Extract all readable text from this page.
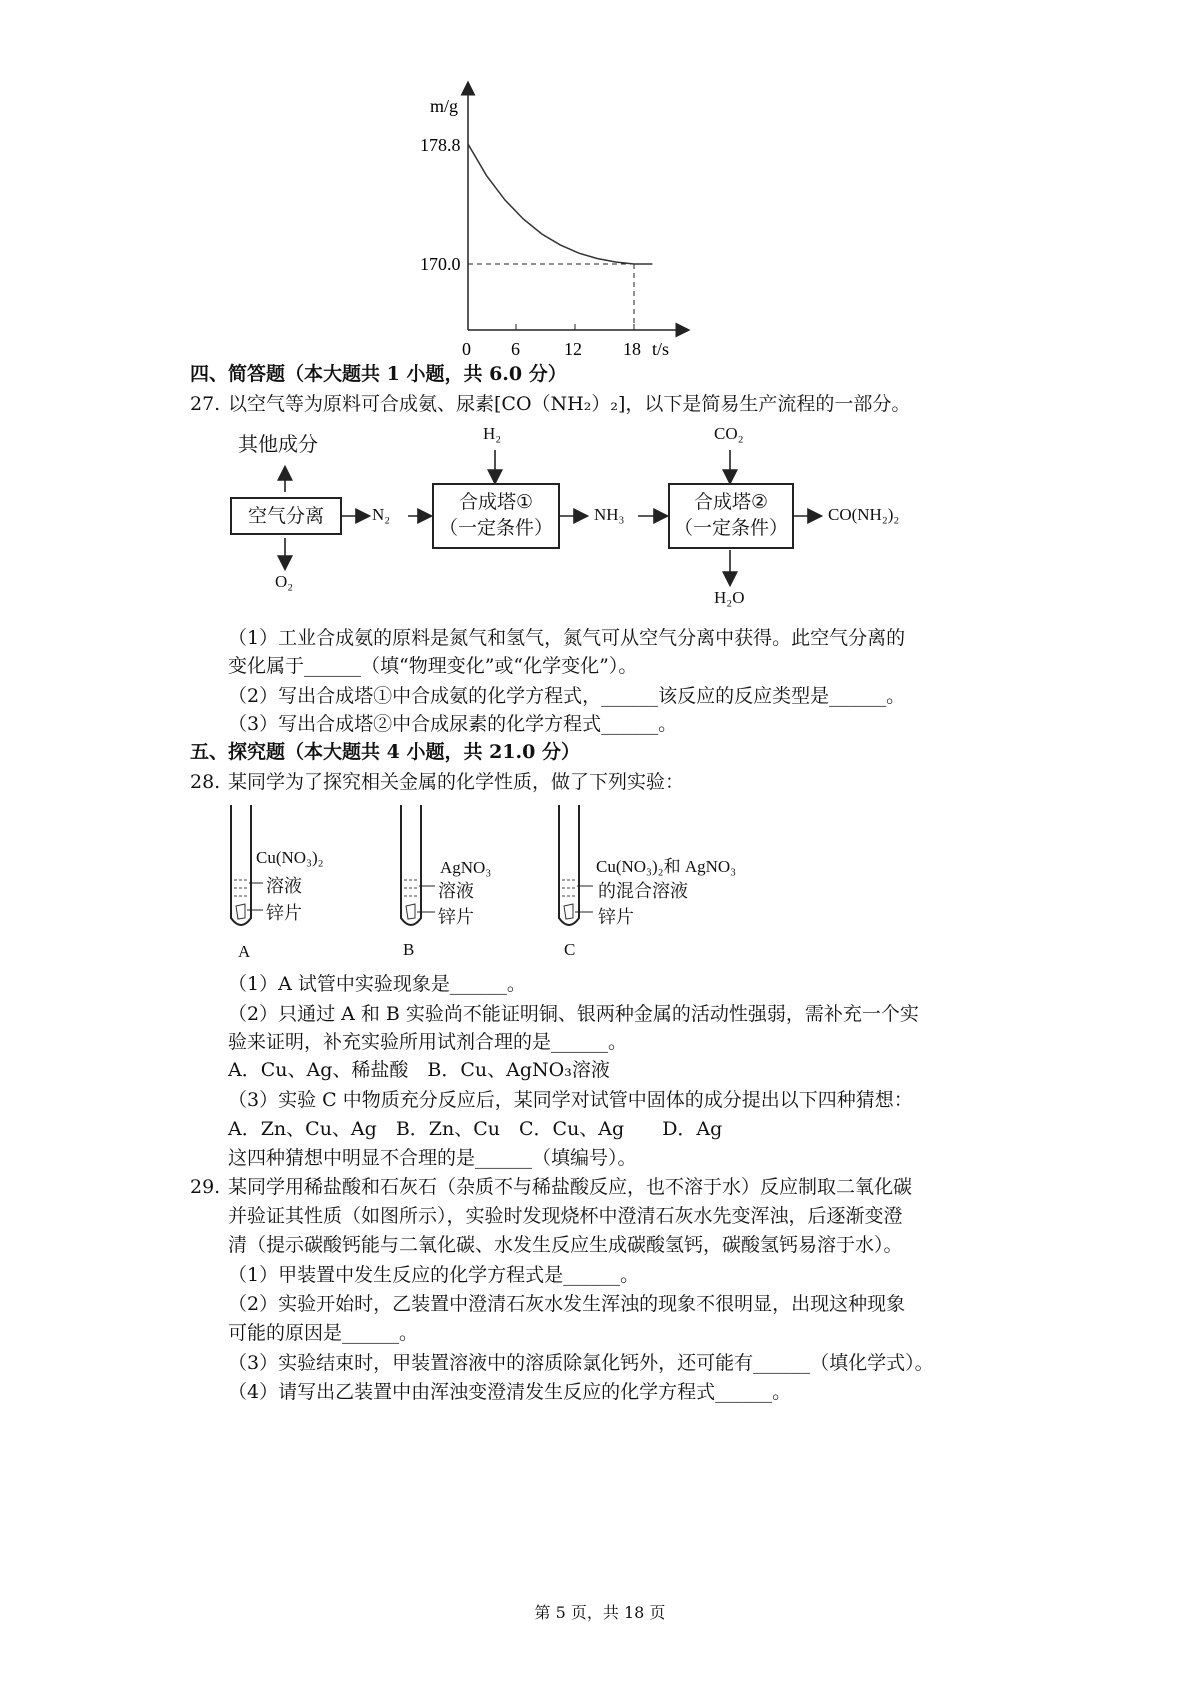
m/g
t/s
178.8
170.0
0 6 12 18
四、简答题（本大题共 1 小题，共 6.0 分）
27. 以空气等为原料可合成氨、尿素[CO（NH₂）₂]，以下是简易生产流程的一部分。
其他成分
空气分离	N₂
O₂
H₂
合成塔①
（一定条件）
NH₃
CO₂
合成塔②
（一定条件）
H₂O
CO(NH₂)₂
（1）工业合成氨的原料是氮气和氢气，氮气可从空气分离中获得。此空气分离的
变化属于______（填“物理变化”或“化学变化”）。
（2）写出合成塔①中合成氨的化学方程式，______该反应的反应类型是______。
（3）写出合成塔②中合成尿素的化学方程式______。
五、探究题（本大题共 4 小题，共 21.0 分）
28. 某同学为了探究相关金属的化学性质，做了下列实验：
Cu(NO₃)₂
溶液
锌片
A
AgNO₃
溶液
锌片
B
Cu(NO₃)₂和 AgNO₃
的混合溶液
锌片
C
（1）A 试管中实验现象是______。
（2）只通过 A 和 B 实验尚不能证明铜、银两种金属的活动性强弱，需补充一个实
验来证明，补充实验所用试剂合理的是______。
A．Cu、Ag、稀盐酸　B．Cu、AgNO₃溶液
（3）实验 C 中物质充分反应后，某同学对试管中固体的成分提出以下四种猜想：
A．Zn、Cu、Ag　B．Zn、Cu　C．Cu、Ag　　D．Ag
这四种猜想中明显不合理的是______（填编号）。
29. 某同学用稀盐酸和石灰石（杂质不与稀盐酸反应，也不溶于水）反应制取二氧化碳
并验证其性质（如图所示），实验时发现烧杯中澄清石灰水先变浑浊，后逐渐变澄
清（提示碳酸钙能与二氧化碳、水发生反应生成碳酸氢钙，碳酸氢钙易溶于水）。
（1）甲装置中发生反应的化学方程式是______。
（2）实验开始时，乙装置中澄清石灰水发生浑浊的现象不很明显，出现这种现象
可能的原因是______。
（3）实验结束时，甲装置溶液中的溶质除氯化钙外，还可能有______（填化学式）。
（4）请写出乙装置中由浑浊变澄清发生反应的化学方程式______。
第 5 页，共 18 页
